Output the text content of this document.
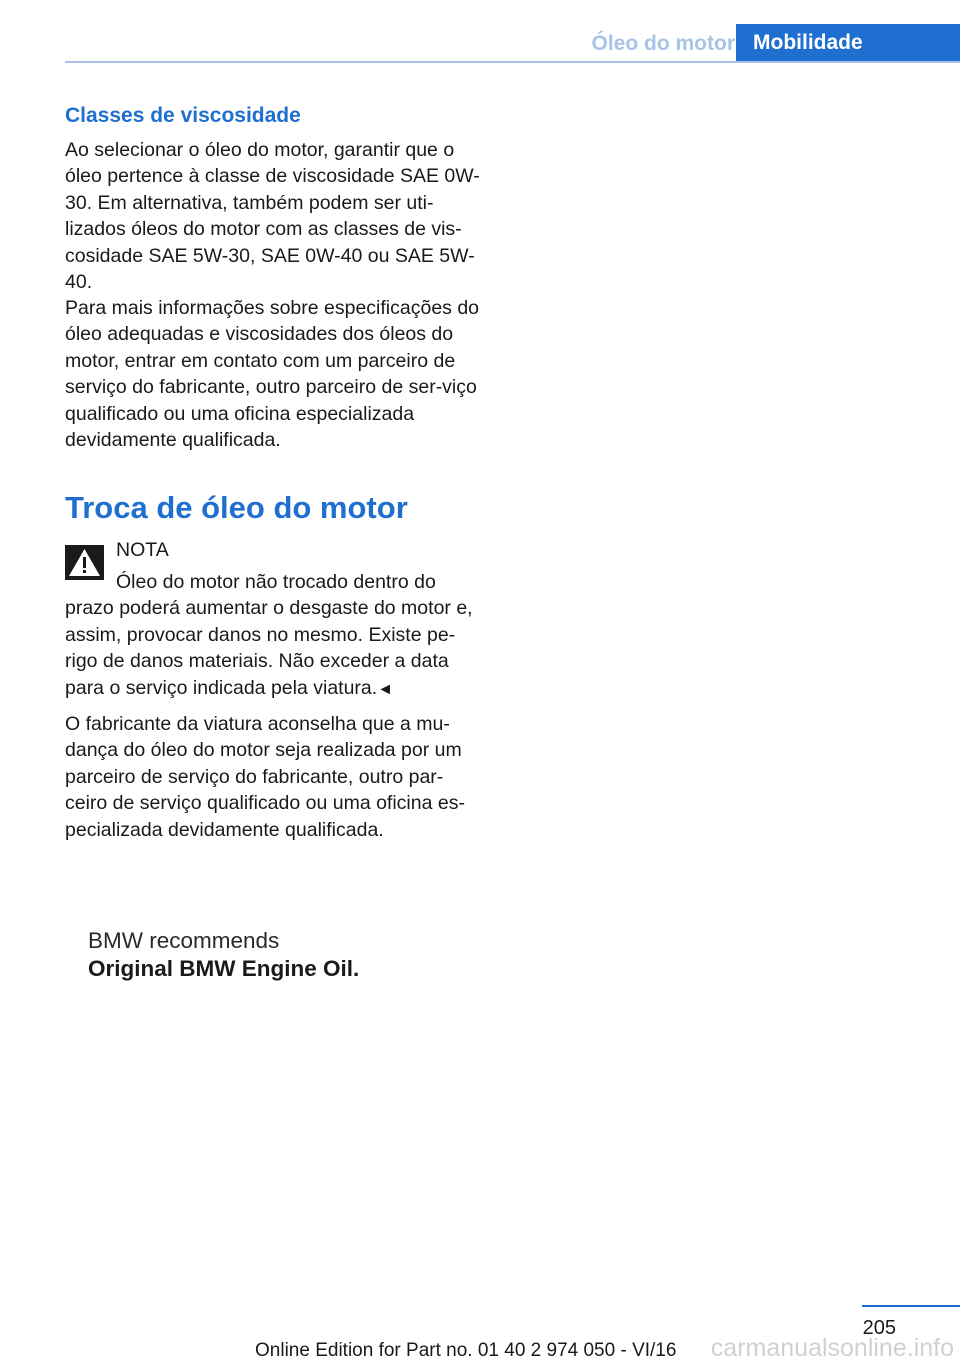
Óleo do motor Mobilidade
Classes de viscosidade

Ao selecionar o óleo do motor, garantir que o óleo pertence à classe de viscosidade SAE 0W-30. Em alternativa, também podem ser uti-lizados óleos do motor com as classes de vis-cosidade SAE 5W-30, SAE 0W-40 ou SAE 5W-40.

Para mais informações sobre especificações do óleo adequadas e viscosidades dos óleos do motor, entrar em contato com um parceiro de serviço do fabricante, outro parceiro de ser-viço qualificado ou uma oficina especializada devidamente qualificada.

Troca de óleo do motor

NOTA

Óleo do motor não trocado dentro do prazo poderá aumentar o desgaste do motor e, assim, provocar danos no mesmo. Existe pe-rigo de danos materiais. Não exceder a data para o serviço indicada pela viatura.◄

O fabricante da viatura aconselha que a mu-dança do óleo do motor seja realizada por um parceiro de serviço do fabricante, outro par-ceiro de serviço qualificado ou uma oficina es-pecializada devidamente qualificada.

BMW recommends
Original BMW Engine Oil.
205
Online Edition for Part no. 01 40 2 974 050 - VI/16 carmanualsonline.info
